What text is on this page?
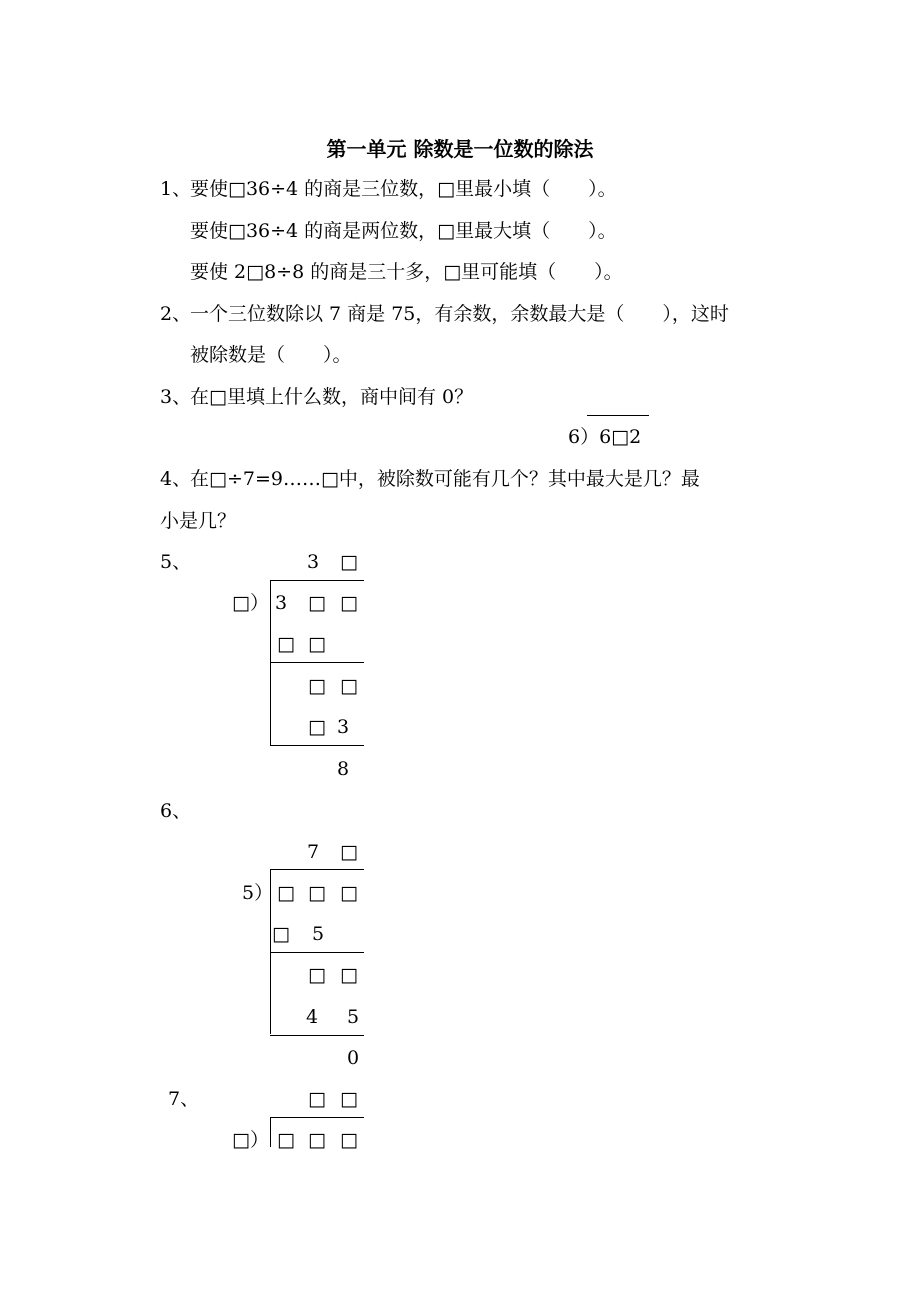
第一单元 除数是一位数的除法
1、
要使□36÷4 的商是三位数，□里最小填（　　）。
要使□36÷4 的商是两位数，□里最大填（　　）。
要使 2□8÷8 的商是三十多，□里可能填（　　）。
2、
一个三位数除以 7 商是 75，有余数，余数最大是（　　），这时
被除数是（　　）。
3、
在□里填上什么数，商中间有 0？
6）6□2
4、
在□÷7=9……□中，被除数可能有几个？其中最大是几？最
小是几？
5、	3 □
□） 3 □ □
□ □
□ □
□ 3
8
6、
7 □
5） □ □ □
□ 5
□ □
4 5
0
7、	□ □
□） □ □ □
